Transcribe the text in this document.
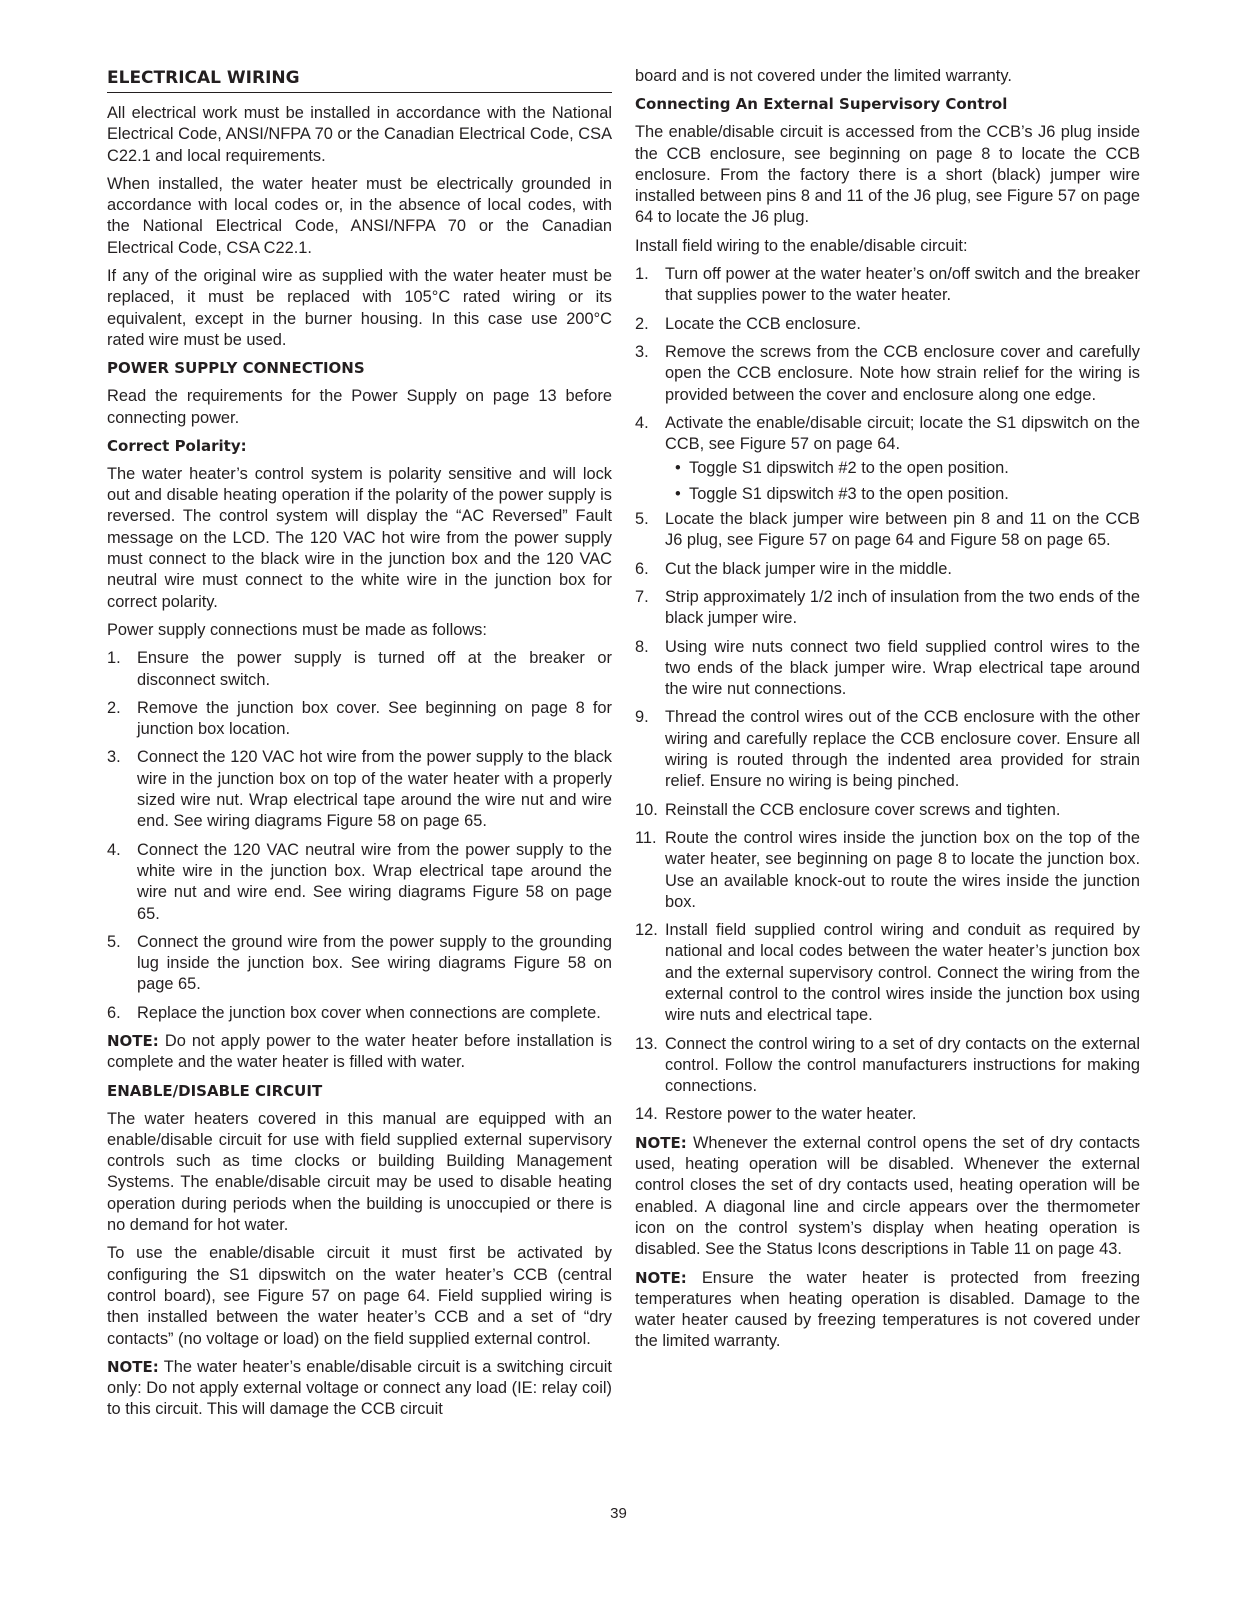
ELECTRICAL WIRING

All electrical work must be installed in accordance with the National Electrical Code, ANSI/NFPA 70 or the Canadian Electrical Code, CSA C22.1 and local requirements.

When installed, the water heater must be electrically grounded in accordance with local codes or, in the absence of local codes, with the National Electrical Code, ANSI/NFPA 70 or the Canadian Electrical Code, CSA C22.1.

If any of the original wire as supplied with the water heater must be replaced, it must be replaced with 105°C rated wiring or its equivalent, except in the burner housing. In this case use 200°C rated wire must be used.

POWER SUPPLY CONNECTIONS

Read the requirements for the Power Supply on page 13 before connecting power.

Correct Polarity:

The water heater’s control system is polarity sensitive and will lock out and disable heating operation if the polarity of the power supply is reversed. The control system will display the “AC Reversed” Fault message on the LCD. The 120 VAC hot wire from the power supply must connect to the black wire in the junction box and the 120 VAC neutral wire must connect to the white wire in the junction box for correct polarity.

Power supply connections must be made as follows:

1. Ensure the power supply is turned off at the breaker or disconnect switch.
2. Remove the junction box cover. See beginning on page 8 for junction box location.
3. Connect the 120 VAC hot wire from the power supply to the black wire in the junction box on top of the water heater with a properly sized wire nut. Wrap electrical tape around the wire nut and wire end. See wiring diagrams Figure 58 on page 65.
4. Connect the 120 VAC neutral wire from the power supply to the white wire in the junction box. Wrap electrical tape around the wire nut and wire end. See wiring diagrams Figure 58 on page 65.
5. Connect the ground wire from the power supply to the grounding lug inside the junction box. See wiring diagrams Figure 58 on page 65.
6. Replace the junction box cover when connections are complete.

NOTE: Do not apply power to the water heater before installation is complete and the water heater is filled with water.

ENABLE/DISABLE CIRCUIT

The water heaters covered in this manual are equipped with an enable/disable circuit for use with field supplied external supervisory controls such as time clocks or building Building Management Systems. The enable/disable circuit may be used to disable heating operation during periods when the building is unoccupied or there is no demand for hot water.

To use the enable/disable circuit it must first be activated by configuring the S1 dipswitch on the water heater’s CCB (central control board), see Figure 57 on page 64. Field supplied wiring is then installed between the water heater’s CCB and a set of “dry contacts” (no voltage or load) on the field supplied external control.

NOTE: The water heater’s enable/disable circuit is a switching circuit only: Do not apply external voltage or connect any load (IE: relay coil) to this circuit. This will damage the CCB circuit

board and is not covered under the limited warranty.

Connecting An External Supervisory Control

The enable/disable circuit is accessed from the CCB’s J6 plug inside the CCB enclosure, see beginning on page 8 to locate the CCB enclosure. From the factory there is a short (black) jumper wire installed between pins 8 and 11 of the J6 plug, see Figure 57 on page 64 to locate the J6 plug.

Install field wiring to the enable/disable circuit:

1. Turn off power at the water heater’s on/off switch and the breaker that supplies power to the water heater.
2. Locate the CCB enclosure.
3. Remove the screws from the CCB enclosure cover and carefully open the CCB enclosure. Note how strain relief for the wiring is provided between the cover and enclosure along one edge.
4. Activate the enable/disable circuit; locate the S1 dipswitch on the CCB, see Figure 57 on page 64.
• Toggle S1 dipswitch #2 to the open position.
• Toggle S1 dipswitch #3 to the open position.
5. Locate the black jumper wire between pin 8 and 11 on the CCB J6 plug, see Figure 57 on page 64 and Figure 58 on page 65.
6. Cut the black jumper wire in the middle.
7. Strip approximately 1/2 inch of insulation from the two ends of the black jumper wire.
8. Using wire nuts connect two field supplied control wires to the two ends of the black jumper wire. Wrap electrical tape around the wire nut connections.
9. Thread the control wires out of the CCB enclosure with the other wiring and carefully replace the CCB enclosure cover. Ensure all wiring is routed through the indented area provided for strain relief. Ensure no wiring is being pinched.
10. Reinstall the CCB enclosure cover screws and tighten.
11. Route the control wires inside the junction box on the top of the water heater, see beginning on page 8 to locate the junction box. Use an available knock-out to route the wires inside the junction box.
12. Install field supplied control wiring and conduit as required by national and local codes between the water heater’s junction box and the external supervisory control. Connect the wiring from the external control to the control wires inside the junction box using wire nuts and electrical tape.
13. Connect the control wiring to a set of dry contacts on the external control. Follow the control manufacturers instructions for making connections.
14. Restore power to the water heater.

NOTE: Whenever the external control opens the set of dry contacts used, heating operation will be disabled. Whenever the external control closes the set of dry contacts used, heating operation will be enabled. A diagonal line and circle appears over the thermometer icon on the control system’s display when heating operation is disabled. See the Status Icons descriptions in Table 11 on page 43.

NOTE: Ensure the water heater is protected from freezing temperatures when heating operation is disabled. Damage to the water heater caused by freezing temperatures is not covered under the limited warranty.

39
